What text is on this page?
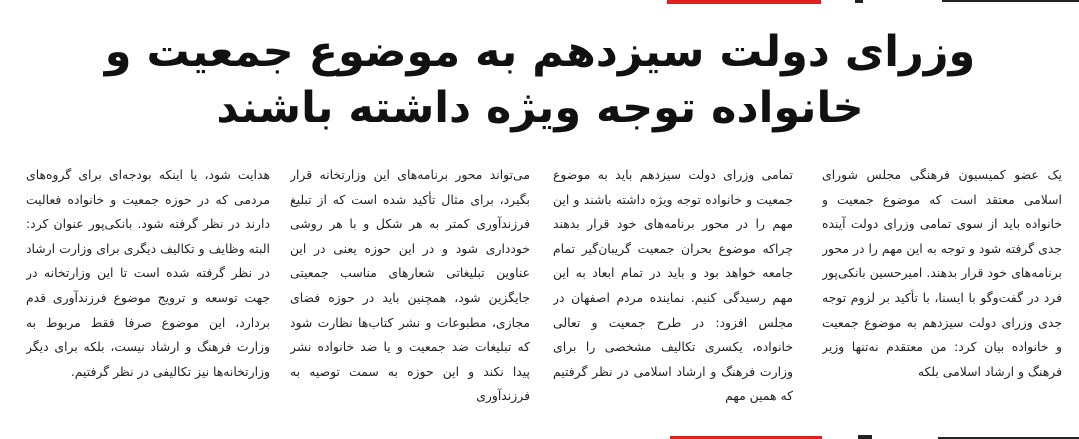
وزرای دولت سیزدهم به موضوع جمعیت و خانواده توجه ویژه داشته باشند

یک عضو کمیسیون فرهنگی مجلس شورای اسلامی معتقد است که موضوع جمعیت و خانواده باید از سوی تمامی وزرای دولت آینده جدی گرفته شود و توجه به این مهم را در محور برنامه‌های خود قرار بدهند. امیرحسین بانکی‌پور فرد در گفت‌وگو با ایسنا، با تأکید بر لزوم توجه جدی وزرای دولت سیزدهم به موضوع جمعیت و خانواده بیان کرد: من معتقدم نه‌تنها وزیر فرهنگ و ارشاد اسلامی بلکه

تمامی وزرای دولت سیزدهم باید به موضوع جمعیت و خانواده توجه ویژه داشته باشند و این مهم را در محور برنامه‌های خود قرار بدهند چراکه موضوع بحران جمعیت گریبان‌گیر تمام جامعه خواهد بود و باید در تمام ابعاد به این مهم رسیدگی کنیم. نماینده مردم اصفهان در مجلس افزود: در طرح جمعیت و تعالی خانواده، یکسری تکالیف مشخصی را برای وزارت فرهنگ و ارشاد اسلامی در نظر گرفتیم که همین مهم

می‌تواند محور برنامه‌های این وزارتخانه قرار بگیرد، برای مثال تأکید شده است که از تبلیغ فرزندآوری کمتر به هر شکل و با هر روشی خودداری شود و در این حوزه یعنی در این عناوین تبلیغاتی شعارهای مناسب جمعیتی جایگزین شود، همچنین باید در حوزه فضای مجازی، مطبوعات و نشر کتاب‌ها نظارت شود که تبلیغات ضد جمعیت و یا ضد خانواده نشر پیدا نکند و این حوزه به سمت توصیه به فرزندآوری

هدایت شود، یا اینکه بودجه‌ای برای گروه‌های مردمی که در حوزه جمعیت و خانواده فعالیت دارند در نظر گرفته شود. بانکی‌پور عنوان کرد: البته وظایف و تکالیف دیگری برای وزارت ارشاد در نظر گرفته شده است تا این وزارتخانه در جهت توسعه و ترویج موضوع فرزندآوری قدم بردارد، این موضوع صرفا فقط مربوط به وزارت فرهنگ و ارشاد نیست، بلکه برای دیگر وزارتخانه‌ها نیز تکالیفی در نظر گرفتیم.
